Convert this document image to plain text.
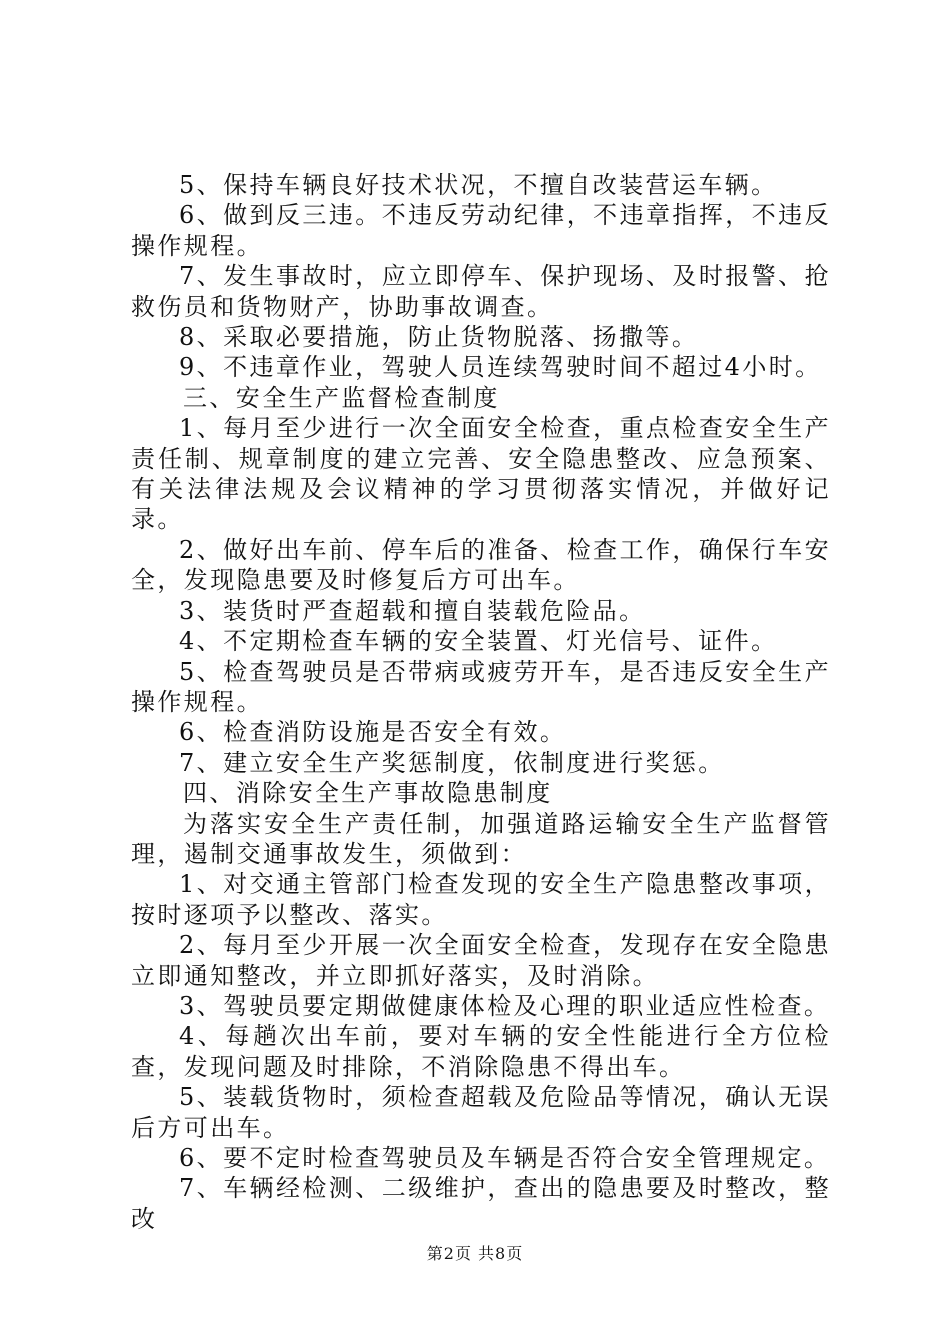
5、保持车辆良好技术状况，不擅自改装营运车辆。

6、做到反三违。不违反劳动纪律，不违章指挥，不违反操作规程。

7、发生事故时，应立即停车、保护现场、及时报警、抢救伤员和货物财产，协助事故调查。

8、采取必要措施，防止货物脱落、扬撒等。

9、不违章作业，驾驶人员连续驾驶时间不超过4小时。

三、安全生产监督检查制度

1、每月至少进行一次全面安全检查，重点检查安全生产责任制、规章制度的建立完善、安全隐患整改、应急预案、有关法律法规及会议精神的学习贯彻落实情况，并做好记录。

2、做好出车前、停车后的准备、检查工作，确保行车安全，发现隐患要及时修复后方可出车。

3、装货时严查超载和擅自装载危险品。

4、不定期检查车辆的安全装置、灯光信号、证件。

5、检查驾驶员是否带病或疲劳开车，是否违反安全生产操作规程。

6、检查消防设施是否安全有效。

7、建立安全生产奖惩制度，依制度进行奖惩。

四、消除安全生产事故隐患制度

为落实安全生产责任制，加强道路运输安全生产监督管理，遏制交通事故发生，须做到：

1、对交通主管部门检查发现的安全生产隐患整改事项，按时逐项予以整改、落实。

2、每月至少开展一次全面安全检查，发现存在安全隐患立即通知整改，并立即抓好落实，及时消除。

3、驾驶员要定期做健康体检及心理的职业适应性检查。

4、每趟次出车前，要对车辆的安全性能进行全方位检查，发现问题及时排除，不消除隐患不得出车。

5、装载货物时，须检查超载及危险品等情况，确认无误后方可出车。

6、要不定时检查驾驶员及车辆是否符合安全管理规定。

7、车辆经检测、二级维护，查出的隐患要及时整改，整改

第2页 共8页
